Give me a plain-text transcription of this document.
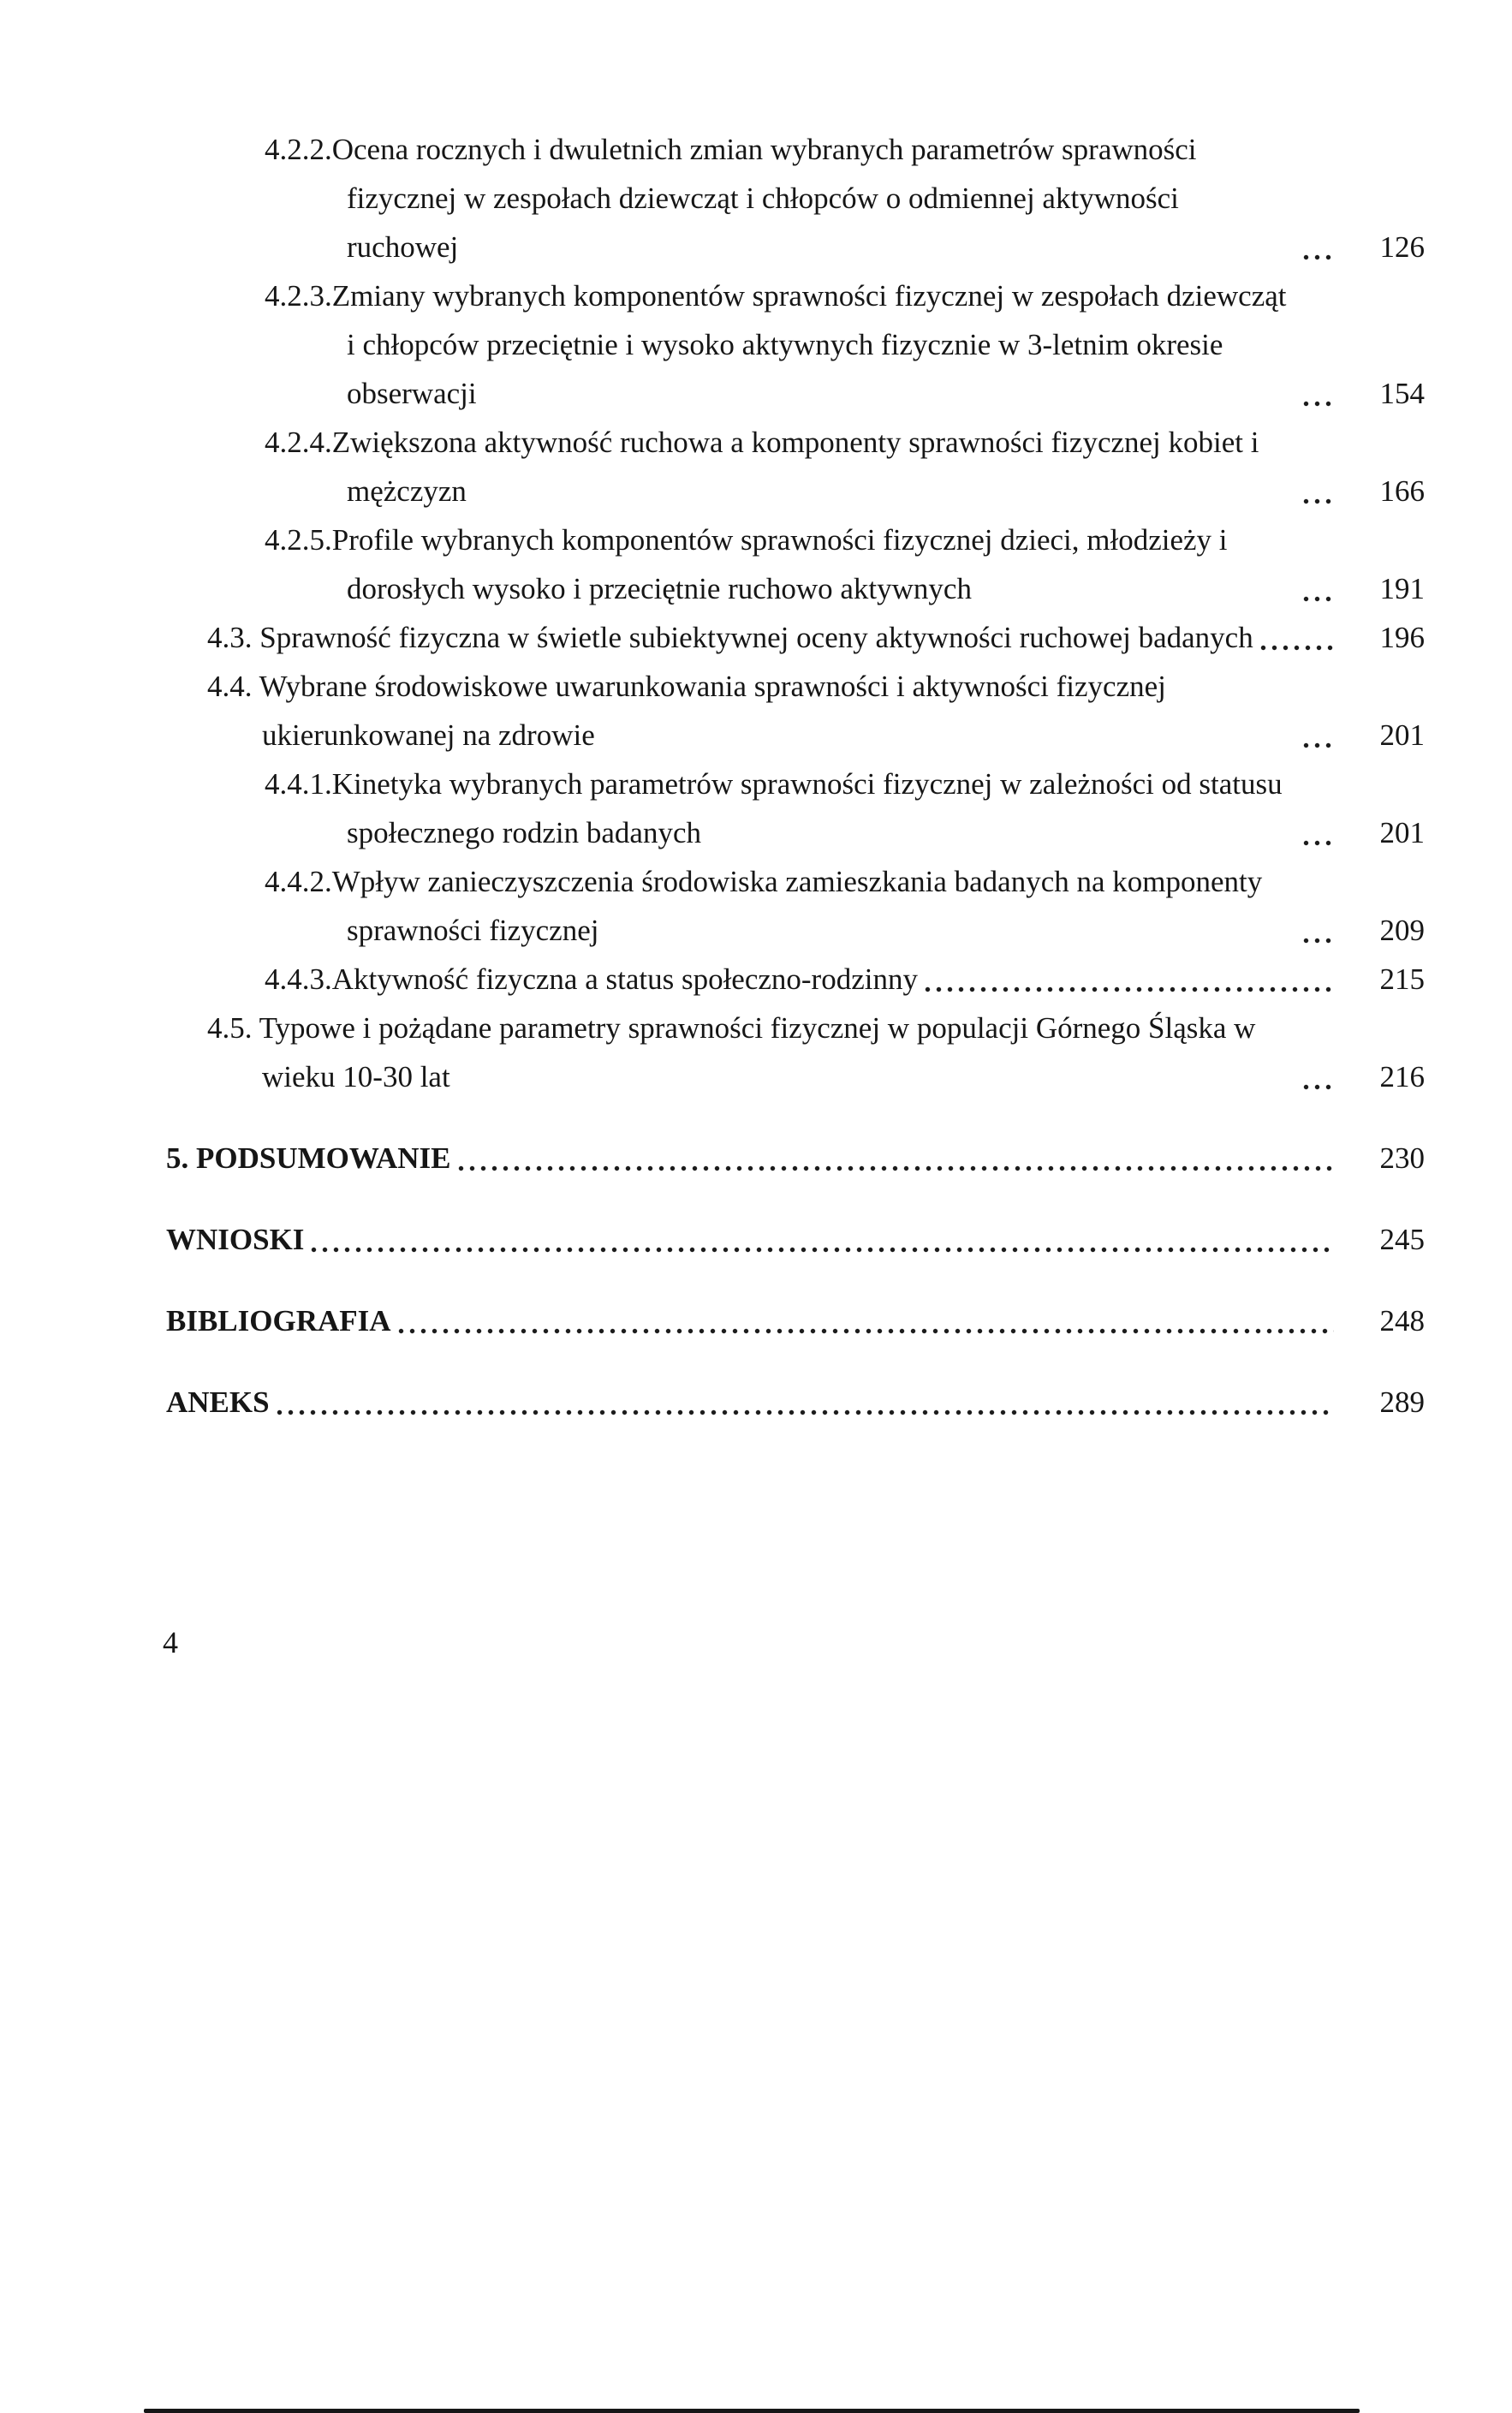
4.2.2.Ocena rocznych i dwuletnich zmian wybranych parametrów sprawności fizycznej w zespołach dziewcząt i chłopców o odmiennej aktywności ruchowej	126
4.2.3.Zmiany wybranych komponentów sprawności fizycznej w zespołach dziewcząt i chłopców przeciętnie i wysoko aktywnych fizycznie w 3-letnim okresie obserwacji	154
4.2.4.Zwiększona aktywność ruchowa a komponenty sprawności fizycznej kobiet i mężczyzn	166
4.2.5.Profile wybranych komponentów sprawności fizycznej dzieci, młodzieży i dorosłych wysoko i przeciętnie ruchowo aktywnych	191
4.3. Sprawność fizyczna w świetle subiektywnej oceny aktywności ruchowej badanych	196
4.4. Wybrane środowiskowe uwarunkowania sprawności i aktywności fizycznej ukierunkowanej na zdrowie	201
4.4.1.Kinetyka wybranych parametrów sprawności fizycznej w zależności od statusu społecznego rodzin badanych	201
4.4.2.Wpływ zanieczyszczenia środowiska zamieszkania badanych na komponenty sprawności fizycznej	209
4.4.3.Aktywność fizyczna a status społeczno-rodzinny	215
4.5. Typowe i pożądane parametry sprawności fizycznej w populacji Górnego Śląska w wieku 10-30 lat	216
5. PODSUMOWANIE	230
WNIOSKI	245
BIBLIOGRAFIA	248
ANEKS	289
4
